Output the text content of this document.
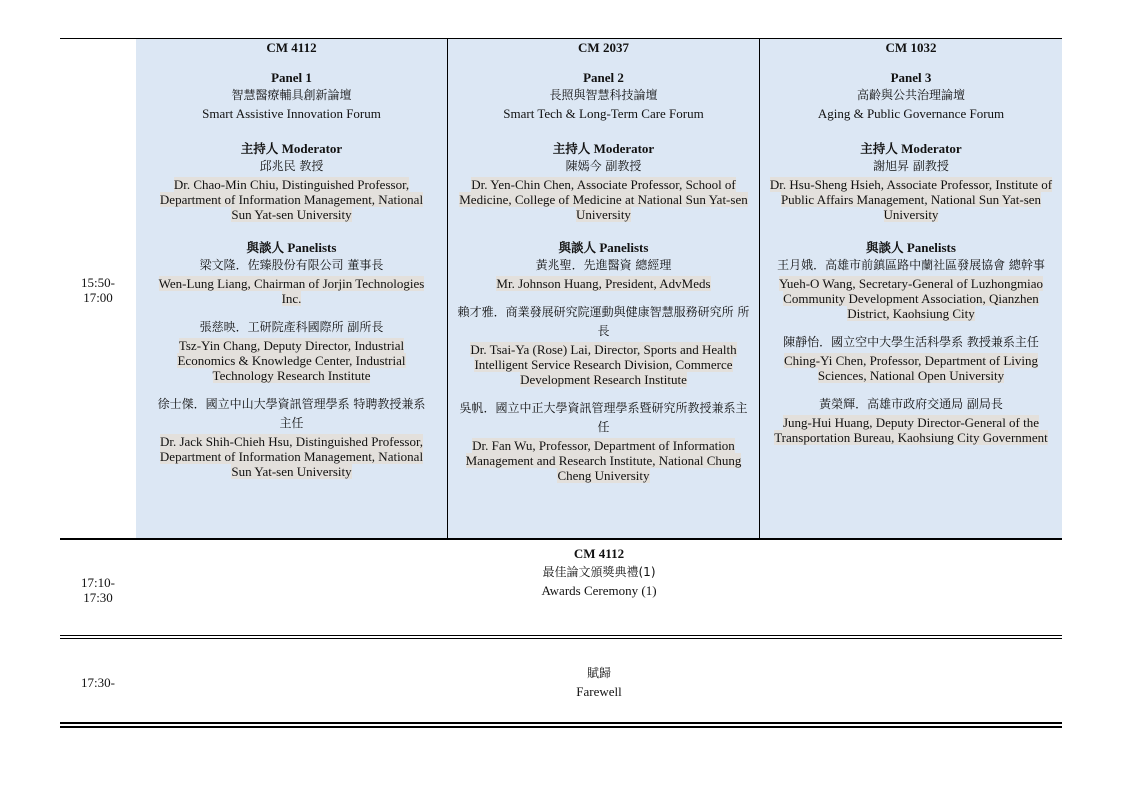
15:50-
17:00
CM 4112
Panel 1
智慧醫療輔具創新論壇
Smart Assistive Innovation Forum
主持人 Moderator
邱兆民 教授
Dr. Chao-Min Chiu, Distinguished Professor, Department of Information Management, National Sun Yat-sen University
與談人 Panelists
梁文隆．佐臻股份有限公司 董事長
Wen-Lung Liang, Chairman of Jorjin Technologies Inc.
張慈映．工研院產科國際所 副所長
Tsz-Yin Chang, Deputy Director, Industrial Economics & Knowledge Center, Industrial Technology Research Institute
徐士傑．國立中山大學資訊管理學系 特聘教授兼系主任
Dr. Jack Shih-Chieh Hsu, Distinguished Professor, Department of Information Management, National Sun Yat-sen University
CM 2037
Panel 2
長照與智慧科技論壇
Smart Tech & Long-Term Care Forum
主持人 Moderator
陳嫣今 副教授
Dr. Yen-Chin Chen, Associate Professor, School of Medicine, College of Medicine at National Sun Yat-sen University
與談人 Panelists
黃兆聖．先進醫資 總經理
Mr. Johnson Huang, President, AdvMeds
賴才雅．商業發展研究院運動與健康智慧服務研究所 所長
Dr. Tsai-Ya (Rose) Lai, Director, Sports and Health Intelligent Service Research Division, Commerce Development Research Institute
吳帆．國立中正大學資訊管理學系暨研究所教授兼系主任
Dr. Fan Wu, Professor, Department of Information Management and Research Institute, National Chung Cheng University
CM 1032
Panel 3
高齡與公共治理論壇
Aging & Public Governance Forum
主持人 Moderator
謝旭昇 副教授
Dr. Hsu-Sheng Hsieh, Associate Professor, Institute of Public Affairs Management, National Sun Yat-sen University
與談人 Panelists
王月娥．高雄市前鎮區路中蘭社區發展協會 總幹事
Yueh-O Wang, Secretary-General of Luzhongmiao Community Development Association, Qianzhen District, Kaohsiung City
陳靜怡．國立空中大學生活科學系 教授兼系主任
Ching-Yi Chen, Professor, Department of Living Sciences, National Open University
黃榮輝．高雄市政府交通局 副局長
Jung-Hui Huang, Deputy Director-General of the Transportation Bureau, Kaohsiung City Government
17:10-
17:30
CM 4112
最佳論文頒獎典禮(1)
Awards Ceremony (1)
17:30-
賦歸
Farewell
